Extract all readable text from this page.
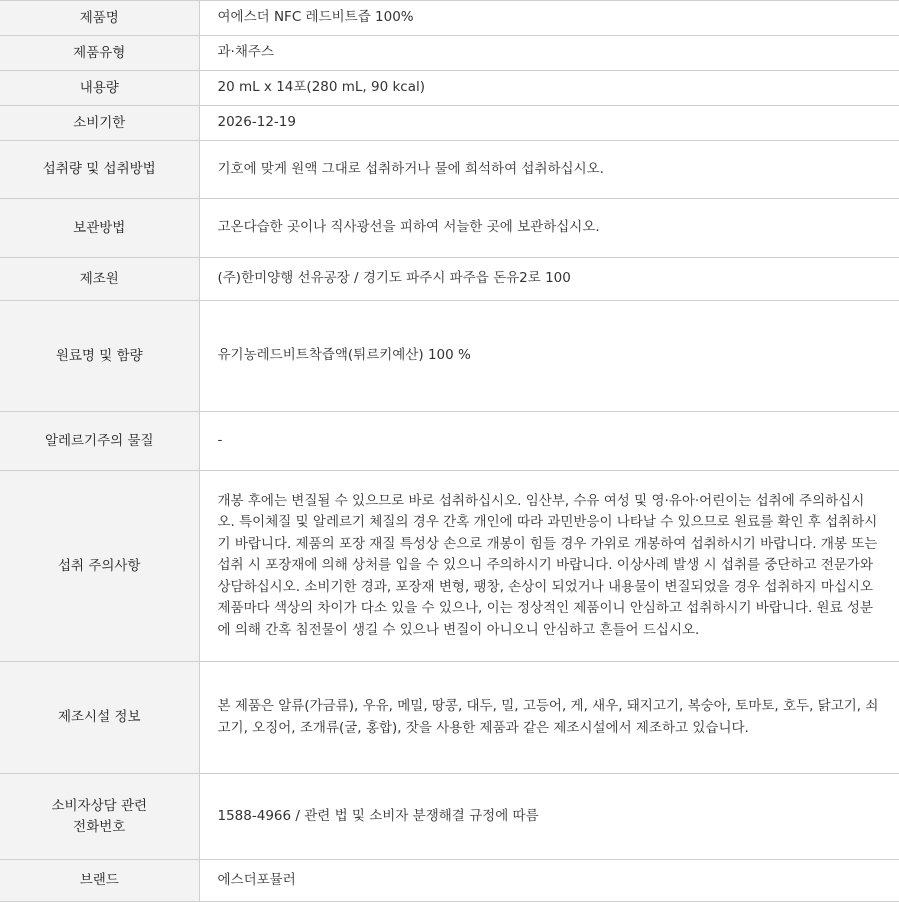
제품명	여에스더 NFC 레드비트즙 100%
제품유형	과·채주스
내용량	20 mL x 14포(280 mL, 90 kcal)
소비기한	2026-12-19
섭취량 및 섭취방법	기호에 맞게 원액 그대로 섭취하거나 물에 희석하여 섭취하십시오.
보관방법	고온다습한 곳이나 직사광선을 피하여 서늘한 곳에 보관하십시오.
제조원	(주)한미양행 선유공장 / 경기도 파주시 파주읍 돈유2로 100
원료명 및 함량	유기농레드비트착즙액(튀르키예산) 100 %
알레르기주의 물질	-
섭취 주의사항	개봉 후에는 변질될 수 있으므로 바로 섭취하십시오. 임산부, 수유 여성 및 영·유아·어린이는 섭취에 주의하십시오. 특이체질 및 알레르기 체질의 경우 간혹 개인에 따라 과민반응이 나타날 수 있으므로 원료를 확인 후 섭취하시기 바랍니다. 제품의 포장 재질 특성상 손으로 개봉이 힘들 경우 가위로 개봉하여 섭취하시기 바랍니다. 개봉 또는 섭취 시 포장재에 의해 상처를 입을 수 있으니 주의하시기 바랍니다. 이상사례 발생 시 섭취를 중단하고 전문가와 상담하십시오. 소비기한 경과, 포장재 변형, 팽창, 손상이 되었거나 내용물이 변질되었을 경우 섭취하지 마십시오 제품마다 색상의 차이가 다소 있을 수 있으나, 이는 정상적인 제품이니 안심하고 섭취하시기 바랍니다. 원료 성분에 의해 간혹 침전물이 생길 수 있으나 변질이 아니오니 안심하고 흔들어 드십시오.
제조시설 정보	본 제품은 알류(가금류), 우유, 메밀, 땅콩, 대두, 밀, 고등어, 게, 새우, 돼지고기, 복숭아, 토마토, 호두, 닭고기, 쇠고기, 오징어, 조개류(굴, 홍합), 잣을 사용한 제품과 같은 제조시설에서 제조하고 있습니다.

소비자상담 관련
전화번호	1588-4966 / 관련 법 및 소비자 분쟁해결 규정에 따름
브랜드	에스더포뮬러
